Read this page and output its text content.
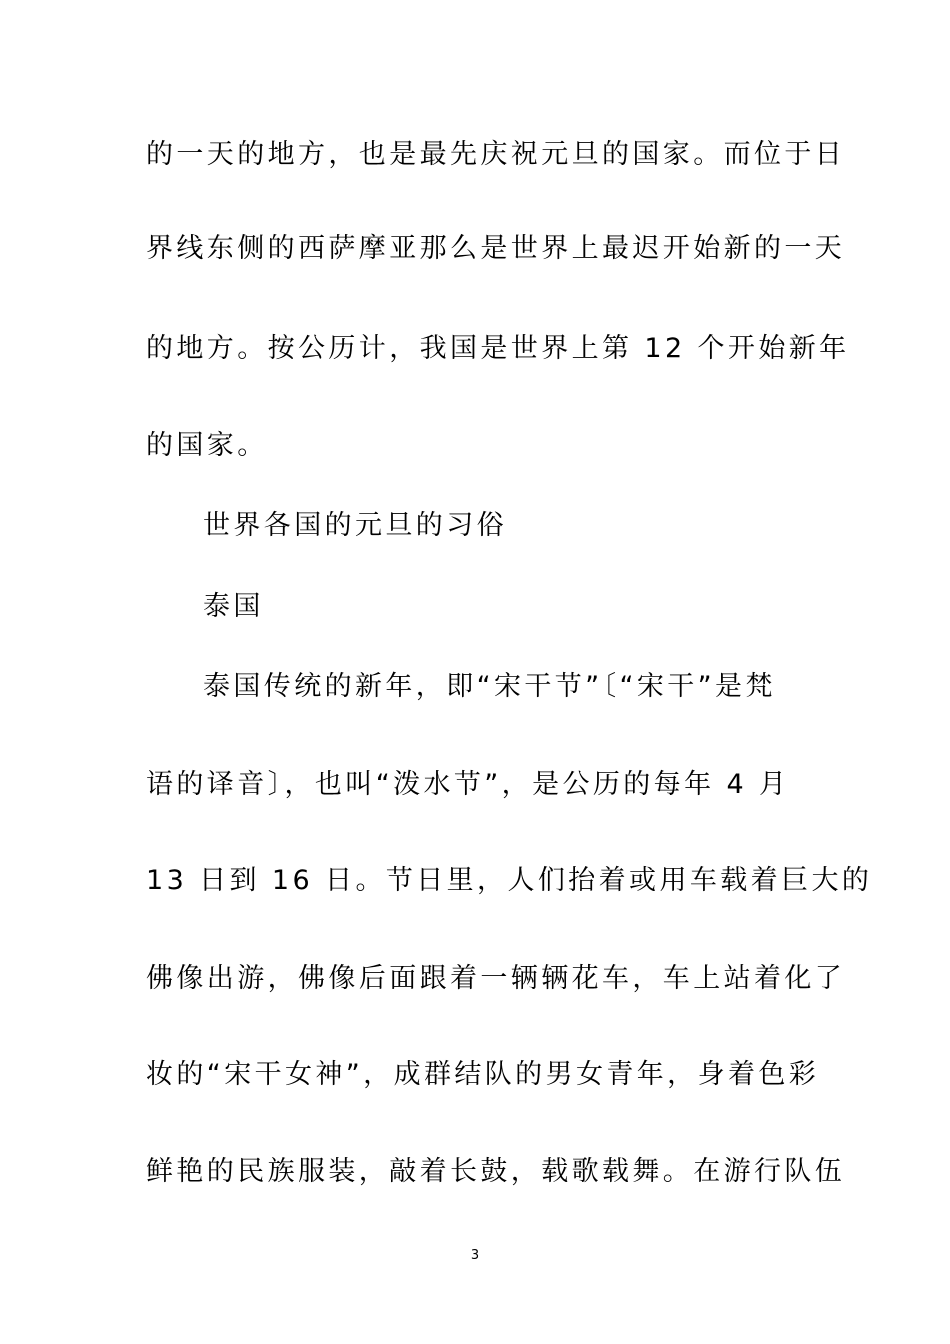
的一天的地方，也是最先庆祝元旦的国家。而位于日
界线东侧的西萨摩亚那么是世界上最迟开始新的一天
的地方。按公历计，我国是世界上第 12 个开始新年
的国家。
世界各国的元旦的习俗
泰国
泰国传统的新年，即“宋干节”〔“宋干”是梵
语的译音〕，也叫“泼水节”，是公历的每年 4 月
13 日到 16 日。节日里，人们抬着或用车载着巨大的
佛像出游，佛像后面跟着一辆辆花车，车上站着化了
妆的“宋干女神”，成群结队的男女青年，身着色彩
鲜艳的民族服装，敲着长鼓，载歌载舞。在游行队伍
3
